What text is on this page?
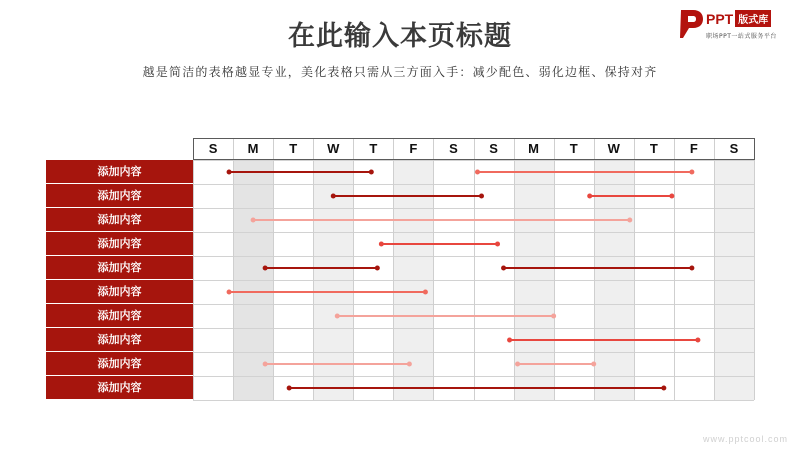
在此输入本页标题
越是简洁的表格越显专业，美化表格只需从三方面入手：减少配色、弱化边框、保持对齐
PPT 版式库
职场PPT一站式服务平台
S	M	T	W	T	F	S	S	M	T	W	T	F	S
添加内容
添加内容
添加内容
添加内容
添加内容
添加内容
添加内容
添加内容
添加内容
添加内容
www.pptcool.com
